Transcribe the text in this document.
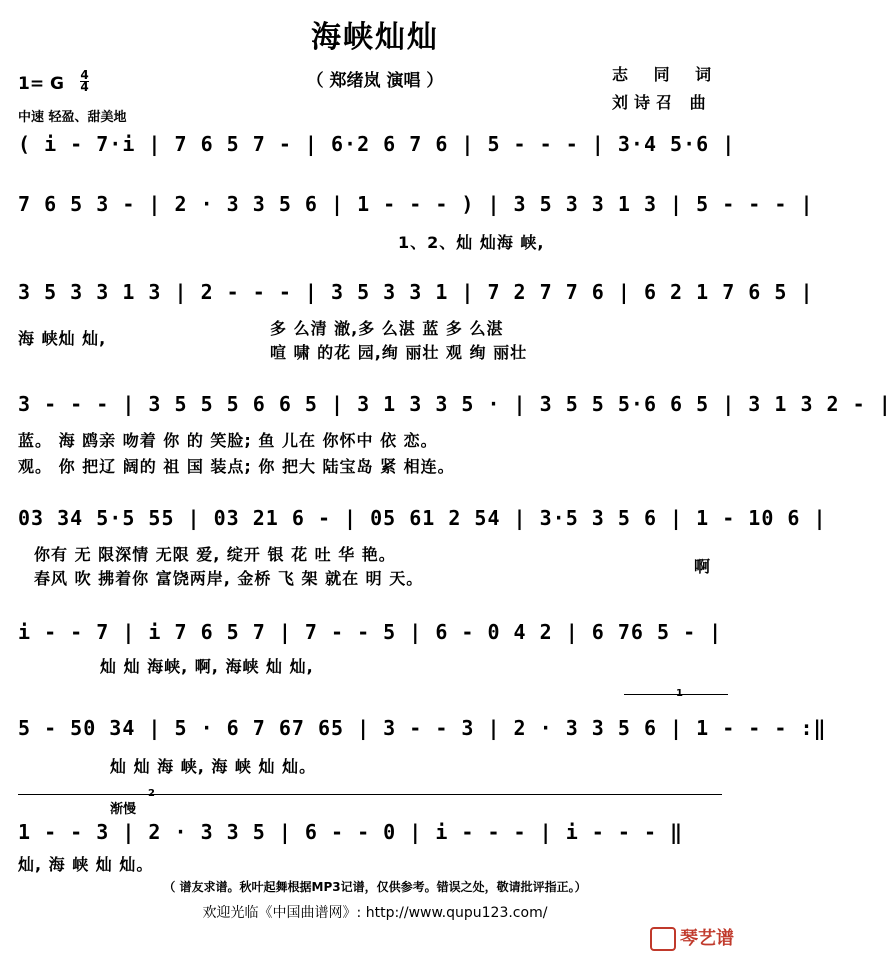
海峡灿灿
（ 郑绪岚 演唱 ）	志 同 词
刘诗召 曲
1= G 4
4
中速 轻盈、甜美地
( i - 7·i | 7 6 5 7 - | 6·2 6 7 6 | 5 - - - | 3·4 5·6 |
7 6 5 3 - | 2 · 3 3 5 6 | 1 - - - ) | 3 5 3 3 1 3 | 5 - - - |
1、2、灿 灿海 峡,
3 5 3 3 1 3 | 2 - - - | 3 5 3 3 1 | 7 2 7 7 6 | 6 2 1 7 6 5 |
海 峡灿 灿,
多 么清 澈,多 么湛 蓝 多 么湛
喧 啸 的花 园,绚 丽壮 观 绚 丽壮
3 - - - | 3 5 5 5 6 6 5 | 3 1 3 3 5 · | 3 5 5 5·6 6 5 | 3 1 3 2 - |
蓝。 海 鸥亲 吻着 你 的 笑脸; 鱼 儿在 你怀中 依 恋。
观。 你 把辽 阔的 祖 国 装点; 你 把大 陆宝岛 紧 相连。
03 34 5·5 55 | 03 21 6 - | 05 61 2 54 | 3·5 3 5 6 | 1 - 10 6 |
你有 无 限深情 无限 爱, 绽开 银 花 吐 华 艳。
春风 吹 拂着你 富饶两岸, 金桥 飞 架 就在 明 天。
啊
i - - 7 | i 7 6 5 7 | 7 - - 5 | 6 - 0 4 2 | 6 76 5 - |
灿 灿 海峡, 啊, 海峡 灿 灿,
1
5 - 50 34 | 5 · 6 7 67 65 | 3 - - 3 | 2 · 3 3 5 6 | 1 - - - :‖
灿 灿 海 峡, 海 峡 灿 灿。
2
渐慢
1 - - 3 | 2 · 3 3 5 | 6 - - 0 | i - - - | i - - - ‖
灿, 海 峡 灿 灿。
（ 谱友求谱。秋叶起舞根据MP3记谱，仅供参考。错误之处，敬请批评指正。）
欢迎光临《中国曲谱网》: http://www.qupu123.com/
琴艺谱
